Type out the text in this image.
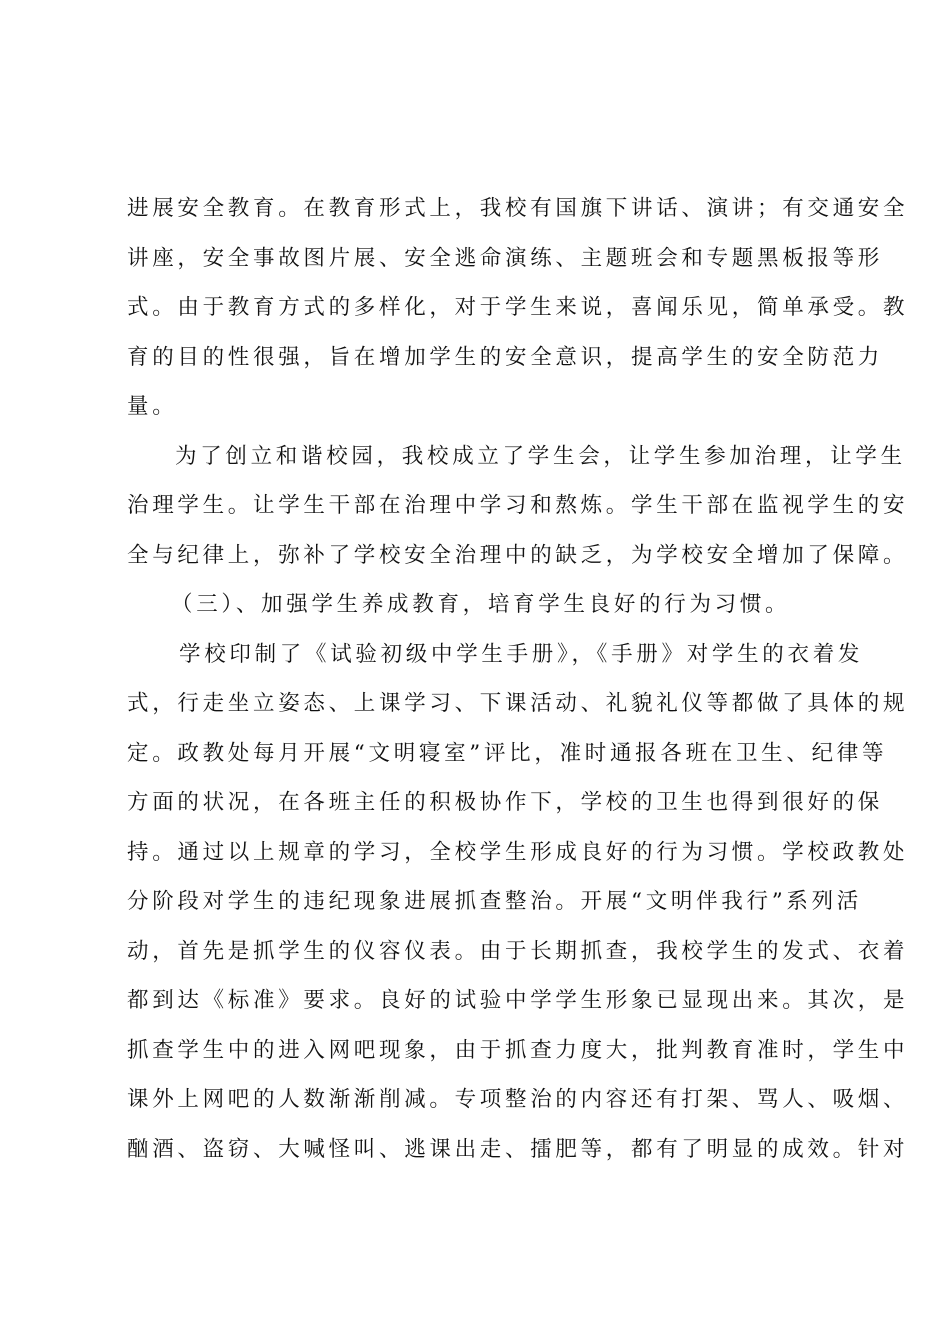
进展安全教育。在教育形式上，我校有国旗下讲话、演讲；有交通安全
讲座，安全事故图片展、安全逃命演练、主题班会和专题黑板报等形
式。由于教育方式的多样化，对于学生来说，喜闻乐见，简单承受。教
育的目的性很强，旨在增加学生的安全意识，提高学生的安全防范力
量。
为了创立和谐校园，我校成立了学生会，让学生参加治理，让学生
治理学生。让学生干部在治理中学习和熬炼。学生干部在监视学生的安
全与纪律上，弥补了学校安全治理中的缺乏，为学校安全增加了保障。
（三）、加强学生养成教育，培育学生良好的行为习惯。
学校印制了《试验初级中学生手册》，《手册》对学生的衣着发
式，行走坐立姿态、上课学习、下课活动、礼貌礼仪等都做了具体的规
定。政教处每月开展“文明寝室”评比，准时通报各班在卫生、纪律等
方面的状况，在各班主任的积极协作下，学校的卫生也得到很好的保
持。通过以上规章的学习，全校学生形成良好的行为习惯。学校政教处
分阶段对学生的违纪现象进展抓查整治。开展“文明伴我行”系列活
动，首先是抓学生的仪容仪表。由于长期抓查，我校学生的发式、衣着
都到达《标准》要求。良好的试验中学学生形象已显现出来。其次，是
抓查学生中的进入网吧现象，由于抓查力度大，批判教育准时，学生中
课外上网吧的人数渐渐削减。专项整治的内容还有打架、骂人、吸烟、
酗酒、盗窃、大喊怪叫、逃课出走、擂肥等，都有了明显的成效。针对
